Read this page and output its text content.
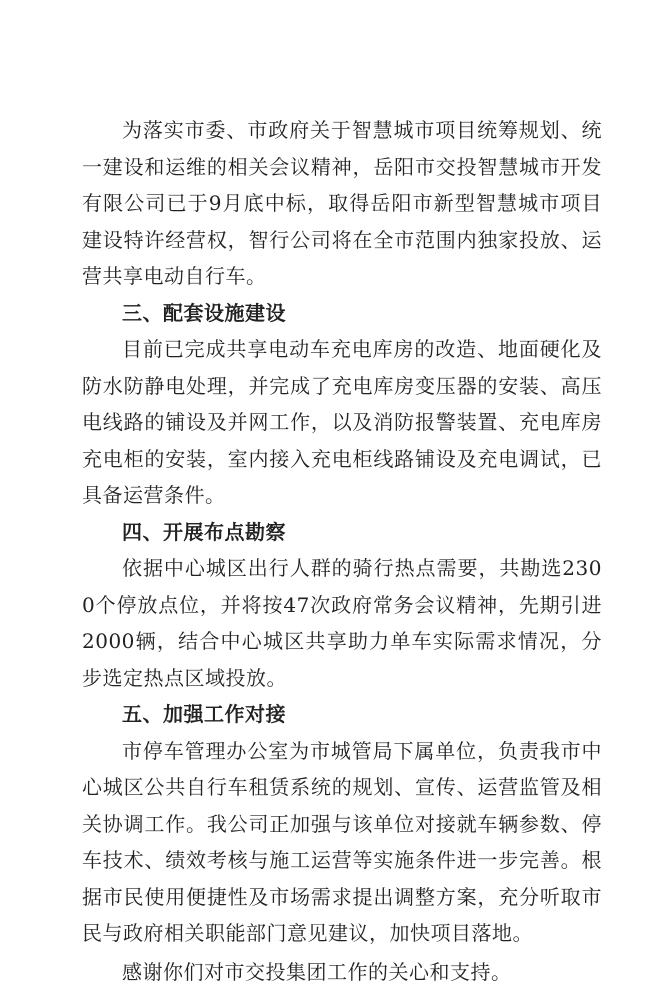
为落实市委、市政府关于智慧城市项目统筹规划、统一建设和运维的相关会议精神，岳阳市交投智慧城市开发有限公司已于9月底中标，取得岳阳市新型智慧城市项目建设特许经营权，智行公司将在全市范围内独家投放、运营共享电动自行车。

三、配套设施建设

目前已完成共享电动车充电库房的改造、地面硬化及防水防静电处理，并完成了充电库房变压器的安装、高压电线路的铺设及并网工作，以及消防报警装置、充电库房充电柜的安装，室内接入充电柜线路铺设及充电调试，已具备运营条件。

四、开展布点勘察

依据中心城区出行人群的骑行热点需要，共勘选2300个停放点位，并将按47次政府常务会议精神，先期引进2000辆，结合中心城区共享助力单车实际需求情况，分步选定热点区域投放。

五、加强工作对接

市停车管理办公室为市城管局下属单位，负责我市中心城区公共自行车租赁系统的规划、宣传、运营监管及相关协调工作。我公司正加强与该单位对接就车辆参数、停车技术、绩效考核与施工运营等实施条件进一步完善。根据市民使用便捷性及市场需求提出调整方案，充分听取市民与政府相关职能部门意见建议，加快项目落地。

感谢你们对市交投集团工作的关心和支持。
